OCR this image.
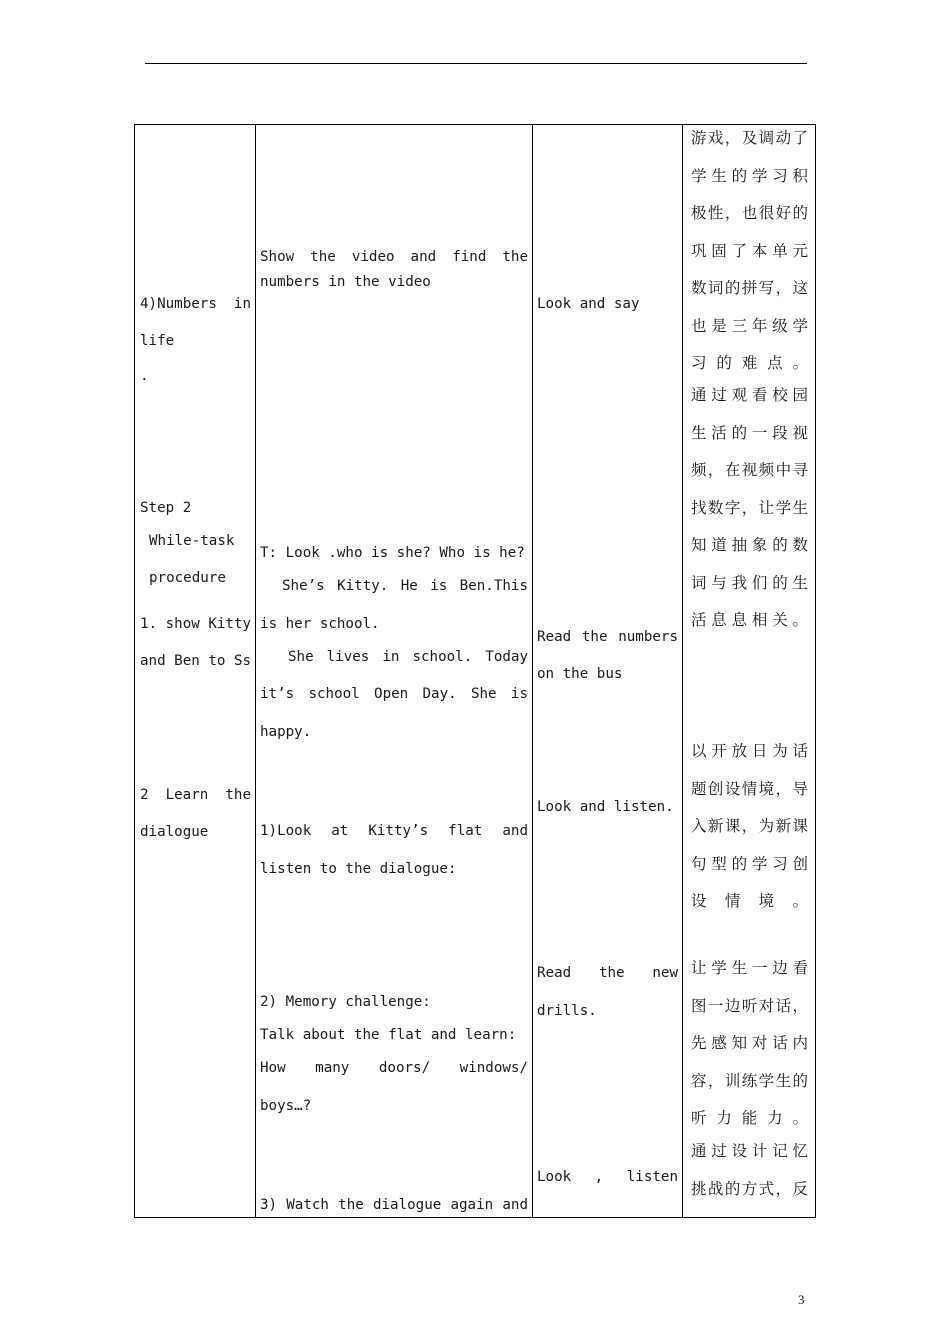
4)Numbers in
life
.
Step 2
While-task
procedure
1. show Kitty
and Ben to Ss
2 Learn the
dialogue
Show the video and find the
numbers in the video
T: Look .who is she? Who is he?
She’s Kitty. He is Ben.This
is her school.
She lives in school. Today
it’s school Open Day. She is
happy.
1)Look at Kitty’s flat and
listen to the dialogue:
2) Memory challenge:
Talk about the flat and learn:
How many doors/ windows/
boys…?
3) Watch the dialogue again and
Look and say
Read the numbers
on the bus
Look and listen.
Read the new
drills.
Look , listen
游戏，及调动了
学生的学习积
极性，也很好的
巩固了本单元
数词的拼写，这
也是三年级学
习的难点。
通过观看校园
生活的一段视
频，在视频中寻
找数字，让学生
知道抽象的数
词与我们的生
活息息相关。
以开放日为话
题创设情境，导
入新课，为新课
句型的学习创
设情境。
让学生一边看
图一边听对话，
先感知对话内
容，训练学生的
听力能力。
通过设计记忆
挑战的方式，反
3
